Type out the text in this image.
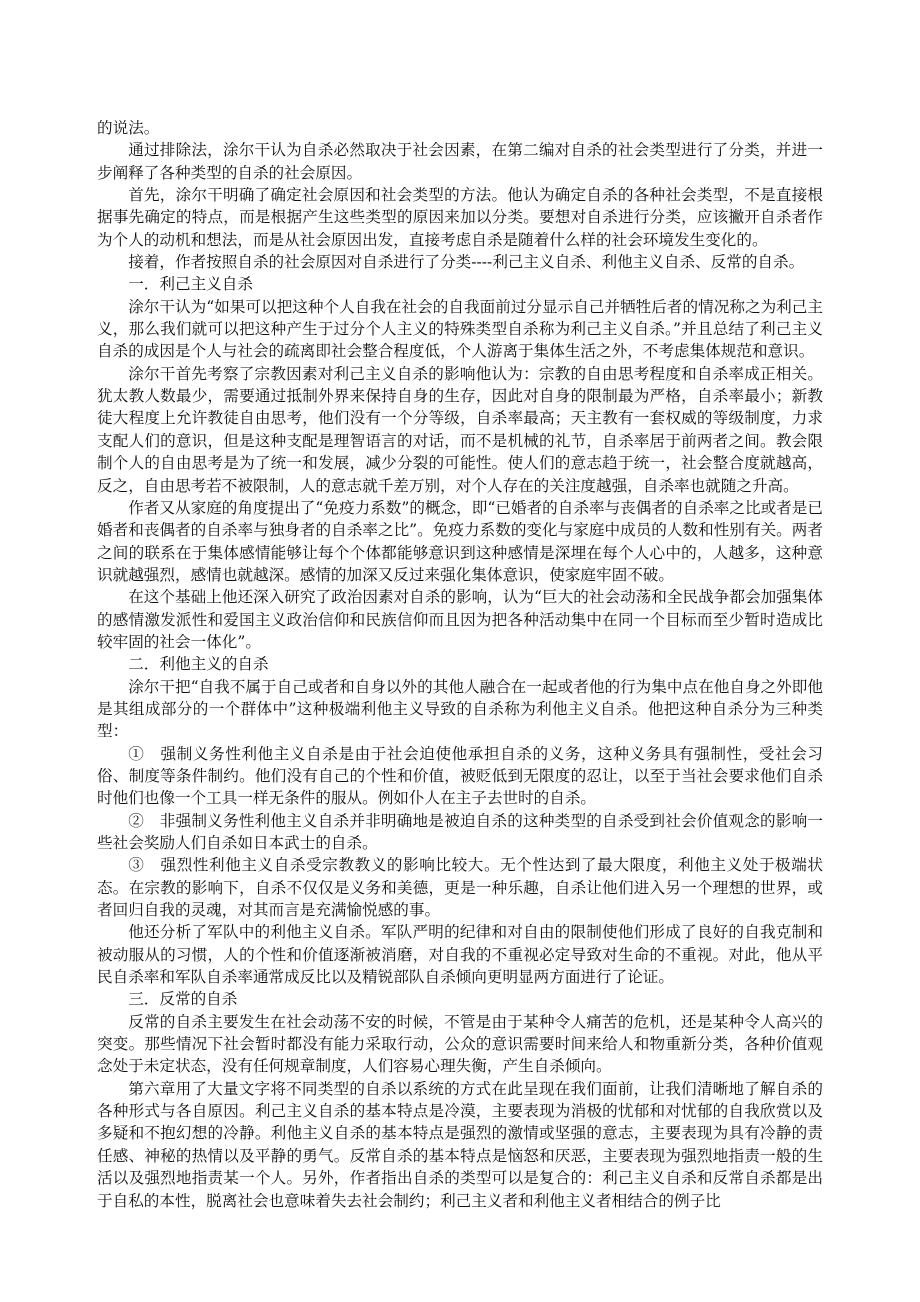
的说法。

通过排除法，涂尔干认为自杀必然取决于社会因素，在第二编对自杀的社会类型进行了分类，并进一步阐释了各种类型的自杀的社会原因。

首先，涂尔干明确了确定社会原因和社会类型的方法。他认为确定自杀的各种社会类型，不是直接根据事先确定的特点，而是根据产生这些类型的原因来加以分类。要想对自杀进行分类，应该撇开自杀者作为个人的动机和想法，而是从社会原因出发，直接考虑自杀是随着什么样的社会环境发生变化的。

接着，作者按照自杀的社会原因对自杀进行了分类----利己主义自杀、利他主义自杀、反常的自杀。

一．利己主义自杀

涂尔干认为“如果可以把这种个人自我在社会的自我面前过分显示自己并牺牲后者的情况称之为利己主义，那么我们就可以把这种产生于过分个人主义的特殊类型自杀称为利己主义自杀。”并且总结了利己主义自杀的成因是个人与社会的疏离即社会整合程度低，个人游离于集体生活之外，不考虑集体规范和意识。

涂尔干首先考察了宗教因素对利己主义自杀的影响他认为：宗教的自由思考程度和自杀率成正相关。犹太教人数最少，需要通过抵制外界来保持自身的生存，因此对自身的限制最为严格，自杀率最小；新教徒大程度上允许教徒自由思考，他们没有一个分等级，自杀率最高；天主教有一套权威的等级制度，力求支配人们的意识，但是这种支配是理智语言的对话，而不是机械的礼节，自杀率居于前两者之间。教会限制个人的自由思考是为了统一和发展，减少分裂的可能性。使人们的意志趋于统一，社会整合度就越高，反之，自由思考若不被限制，人的意志就千差万别，对个人存在的关注度越强，自杀率也就随之升高。

作者又从家庭的角度提出了“免疫力系数”的概念，即“已婚者的自杀率与丧偶者的自杀率之比或者是已婚者和丧偶者的自杀率与独身者的自杀率之比”。免疫力系数的变化与家庭中成员的人数和性别有关。两者之间的联系在于集体感情能够让每个个体都能够意识到这种感情是深埋在每个人心中的，人越多，这种意识就越强烈，感情也就越深。感情的加深又反过来强化集体意识，使家庭牢固不破。

在这个基础上他还深入研究了政治因素对自杀的影响，认为“巨大的社会动荡和全民战争都会加强集体的感情激发派性和爱国主义政治信仰和民族信仰而且因为把各种活动集中在同一个目标而至少暂时造成比较牢固的社会一体化”。

二．利他主义的自杀

涂尔干把“自我不属于自己或者和自身以外的其他人融合在一起或者他的行为集中点在他自身之外即他是其组成部分的一个群体中”这种极端利他主义导致的自杀称为利他主义自杀。他把这种自杀分为三种类型：

①　强制义务性利他主义自杀是由于社会迫使他承担自杀的义务，这种义务具有强制性，受社会习俗、制度等条件制约。他们没有自己的个性和价值，被贬低到无限度的忍让，以至于当社会要求他们自杀时他们也像一个工具一样无条件的服从。例如仆人在主子去世时的自杀。

②　非强制义务性利他主义自杀并非明确地是被迫自杀的这种类型的自杀受到社会价值观念的影响一些社会奖励人们自杀如日本武士的自杀。

③　强烈性利他主义自杀受宗教教义的影响比较大。无个性达到了最大限度，利他主义处于极端状态。在宗教的影响下，自杀不仅仅是义务和美德，更是一种乐趣，自杀让他们进入另一个理想的世界，或者回归自我的灵魂，对其而言是充满愉悦感的事。

他还分析了军队中的利他主义自杀。军队严明的纪律和对自由的限制使他们形成了良好的自我克制和被动服从的习惯，人的个性和价值逐渐被消磨，对自我的不重视必定导致对生命的不重视。对此，他从平民自杀率和军队自杀率通常成反比以及精锐部队自杀倾向更明显两方面进行了论证。

三．反常的自杀

反常的自杀主要发生在社会动荡不安的时候，不管是由于某种令人痛苦的危机，还是某种令人高兴的突变。那些情况下社会暂时都没有能力采取行动，公众的意识需要时间来给人和物重新分类，各种价值观念处于未定状态，没有任何规章制度，人们容易心理失衡，产生自杀倾向。

第六章用了大量文字将不同类型的自杀以系统的方式在此呈现在我们面前，让我们清晰地了解自杀的各种形式与各自原因。利己主义自杀的基本特点是冷漠，主要表现为消极的忧郁和对忧郁的自我欣赏以及多疑和不抱幻想的冷静。利他主义自杀的基本特点是强烈的激情或坚强的意志，主要表现为具有冷静的责任感、神秘的热情以及平静的勇气。反常自杀的基本特点是恼怒和厌恶，主要表现为强烈地指责一般的生活以及强烈地指责某一个人。另外，作者指出自杀的类型可以是复合的：利己主义自杀和反常自杀都是出于自私的本性，脱离社会也意味着失去社会制约；利己主义者和利他主义者相结合的例子比
